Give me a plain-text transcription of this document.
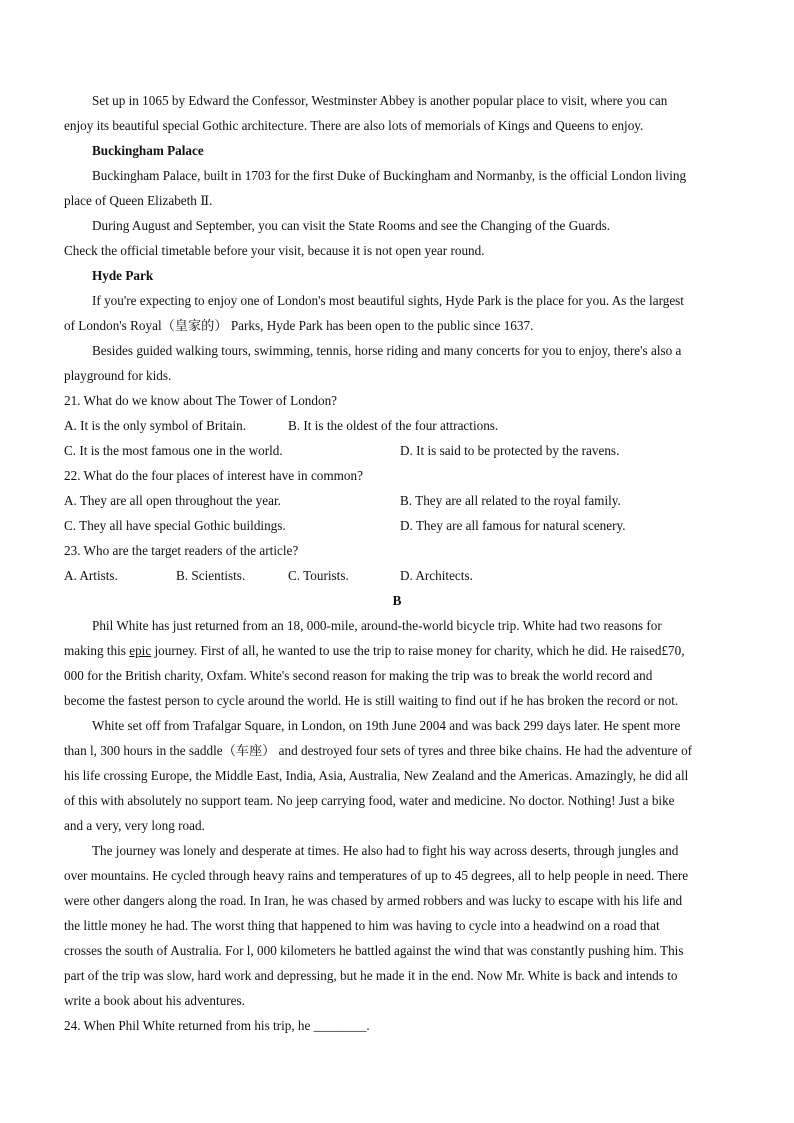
Set up in 1065 by Edward the Confessor, Westminster Abbey is another popular place to visit, where you can
enjoy its beautiful special Gothic architecture. There are also lots of memorials of Kings and Queens to enjoy.
Buckingham Palace
Buckingham Palace, built in 1703 for the first Duke of Buckingham and Normanby, is the official London living
place of Queen Elizabeth Ⅱ.
During August and September, you can visit the State Rooms and see the Changing of the Guards.
Check the official timetable before your visit, because it is not open year round.
Hyde Park
If you're expecting to enjoy one of London's most beautiful sights, Hyde Park is the place for you. As the largest
of London's Royal（皇家的） Parks, Hyde Park has been open to the public since 1637.
Besides guided walking tours, swimming, tennis, horse riding and many concerts for you to enjoy, there's also a
playground for kids.
21. What do we know about The Tower of London?
A. It is the only symbol of Britain.	B. It is the oldest of the four attractions.
C. It is the most famous one in the world.	D. It is said to be protected by the ravens.
22. What do the four places of interest have in common?
A. They are all open throughout the year.	B. They are all related to the royal family.
C. They all have special Gothic buildings.	D. They are all famous for natural scenery.
23. Who are the target readers of the article?
A. Artists.	B. Scientists.	C. Tourists.	D. Architects.
B
Phil White has just returned from an 18, 000-mile, around-the-world bicycle trip. White had two reasons for
making this epic journey. First of all, he wanted to use the trip to raise money for charity, which he did. He raised£70,
000 for the British charity, Oxfam. White's second reason for making the trip was to break the world record and
become the fastest person to cycle around the world. He is still waiting to find out if he has broken the record or not.
White set off from Trafalgar Square, in London, on 19th June 2004 and was back 299 days later. He spent more
than l, 300 hours in the saddle（车座） and destroyed four sets of tyres and three bike chains. He had the adventure of
his life crossing Europe, the Middle East, India, Asia, Australia, New Zealand and the Americas. Amazingly, he did all
of this with absolutely no support team. No jeep carrying food, water and medicine. No doctor. Nothing! Just a bike
and a very, very long road.
The journey was lonely and desperate at times. He also had to fight his way across deserts, through jungles and
over mountains. He cycled through heavy rains and temperatures of up to 45 degrees, all to help people in need. There
were other dangers along the road. In Iran, he was chased by armed robbers and was lucky to escape with his life and
the little money he had. The worst thing that happened to him was having to cycle into a headwind on a road that
crosses the south of Australia. For l, 000 kilometers he battled against the wind that was constantly pushing him. This
part of the trip was slow, hard work and depressing, but he made it in the end. Now Mr. White is back and intends to
write a book about his adventures.
24. When Phil White returned from his trip, he ________.
